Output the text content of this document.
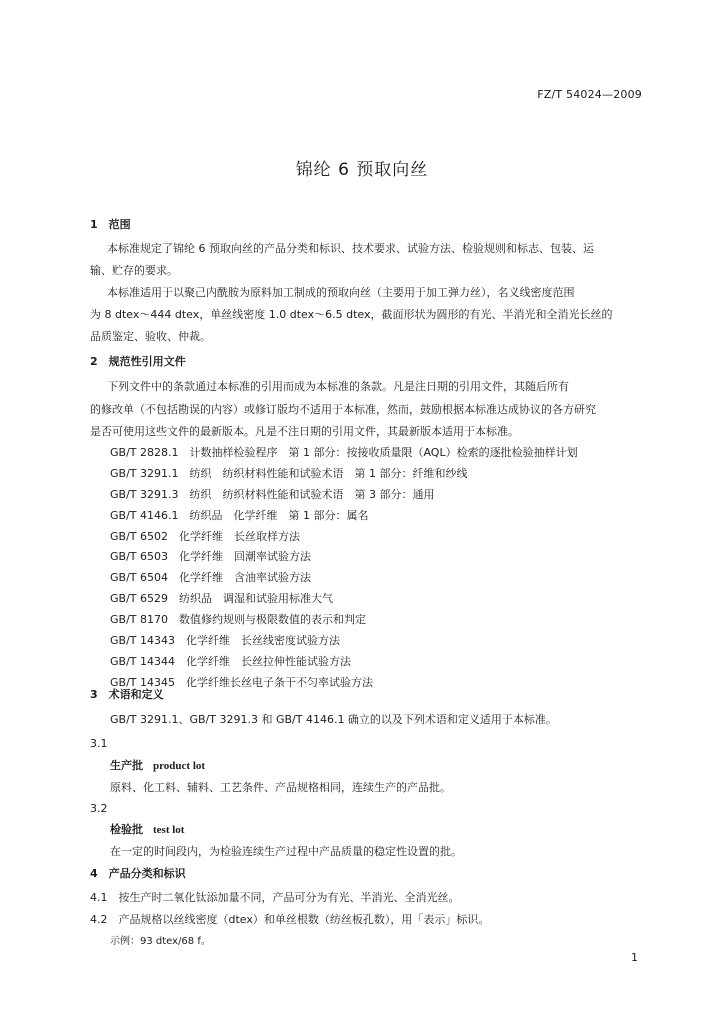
FZ/T 54024—2009
锦纶 6 预取向丝
1　范围
本标准规定了锦纶 6 预取向丝的产品分类和标识、技术要求、试验方法、检验规则和标志、包装、运
输、贮存的要求。
本标准适用于以聚己内酰胺为原料加工制成的预取向丝（主要用于加工弹力丝），名义线密度范围
为 8 dtex～444 dtex，单丝线密度 1.0 dtex～6.5 dtex，截面形状为圆形的有光、半消光和全消光长丝的
品质鉴定、验收、仲裁。
2　规范性引用文件
下列文件中的条款通过本标准的引用而成为本标准的条款。凡是注日期的引用文件，其随后所有
的修改单（不包括勘误的内容）或修订版均不适用于本标准，然而，鼓励根据本标准达成协议的各方研究
是否可使用这些文件的最新版本。凡是不注日期的引用文件，其最新版本适用于本标准。
GB/T 2828.1　计数抽样检验程序　第 1 部分：按接收质量限（AQL）检索的逐批检验抽样计划
GB/T 3291.1　纺织　纺织材料性能和试验术语　第 1 部分：纤维和纱线
GB/T 3291.3　纺织　纺织材料性能和试验术语　第 3 部分：通用
GB/T 4146.1　纺织品　化学纤维　第 1 部分：属名
GB/T 6502　化学纤维　长丝取样方法
GB/T 6503　化学纤维　回潮率试验方法
GB/T 6504　化学纤维　含油率试验方法
GB/T 6529　纺织品　调湿和试验用标准大气
GB/T 8170　数值修约规则与极限数值的表示和判定
GB/T 14343　化学纤维　长丝线密度试验方法
GB/T 14344　化学纤维　长丝拉伸性能试验方法
GB/T 14345　化学纤维长丝电子条干不匀率试验方法
3　术语和定义
GB/T 3291.1、GB/T 3291.3 和 GB/T 4146.1 确立的以及下列术语和定义适用于本标准。
3.1
生产批 product lot
原料、化工料、辅料、工艺条件、产品规格相同，连续生产的产品批。
3.2
检验批 test lot
在一定的时间段内，为检验连续生产过程中产品质量的稳定性设置的批。
4　产品分类和标识
4.1　按生产时二氧化钛添加量不同，产品可分为有光、半消光、全消光丝。
4.2　产品规格以丝线密度（dtex）和单丝根数（纺丝板孔数），用「表示」标识。
示例：93 dtex/68 f。
1
